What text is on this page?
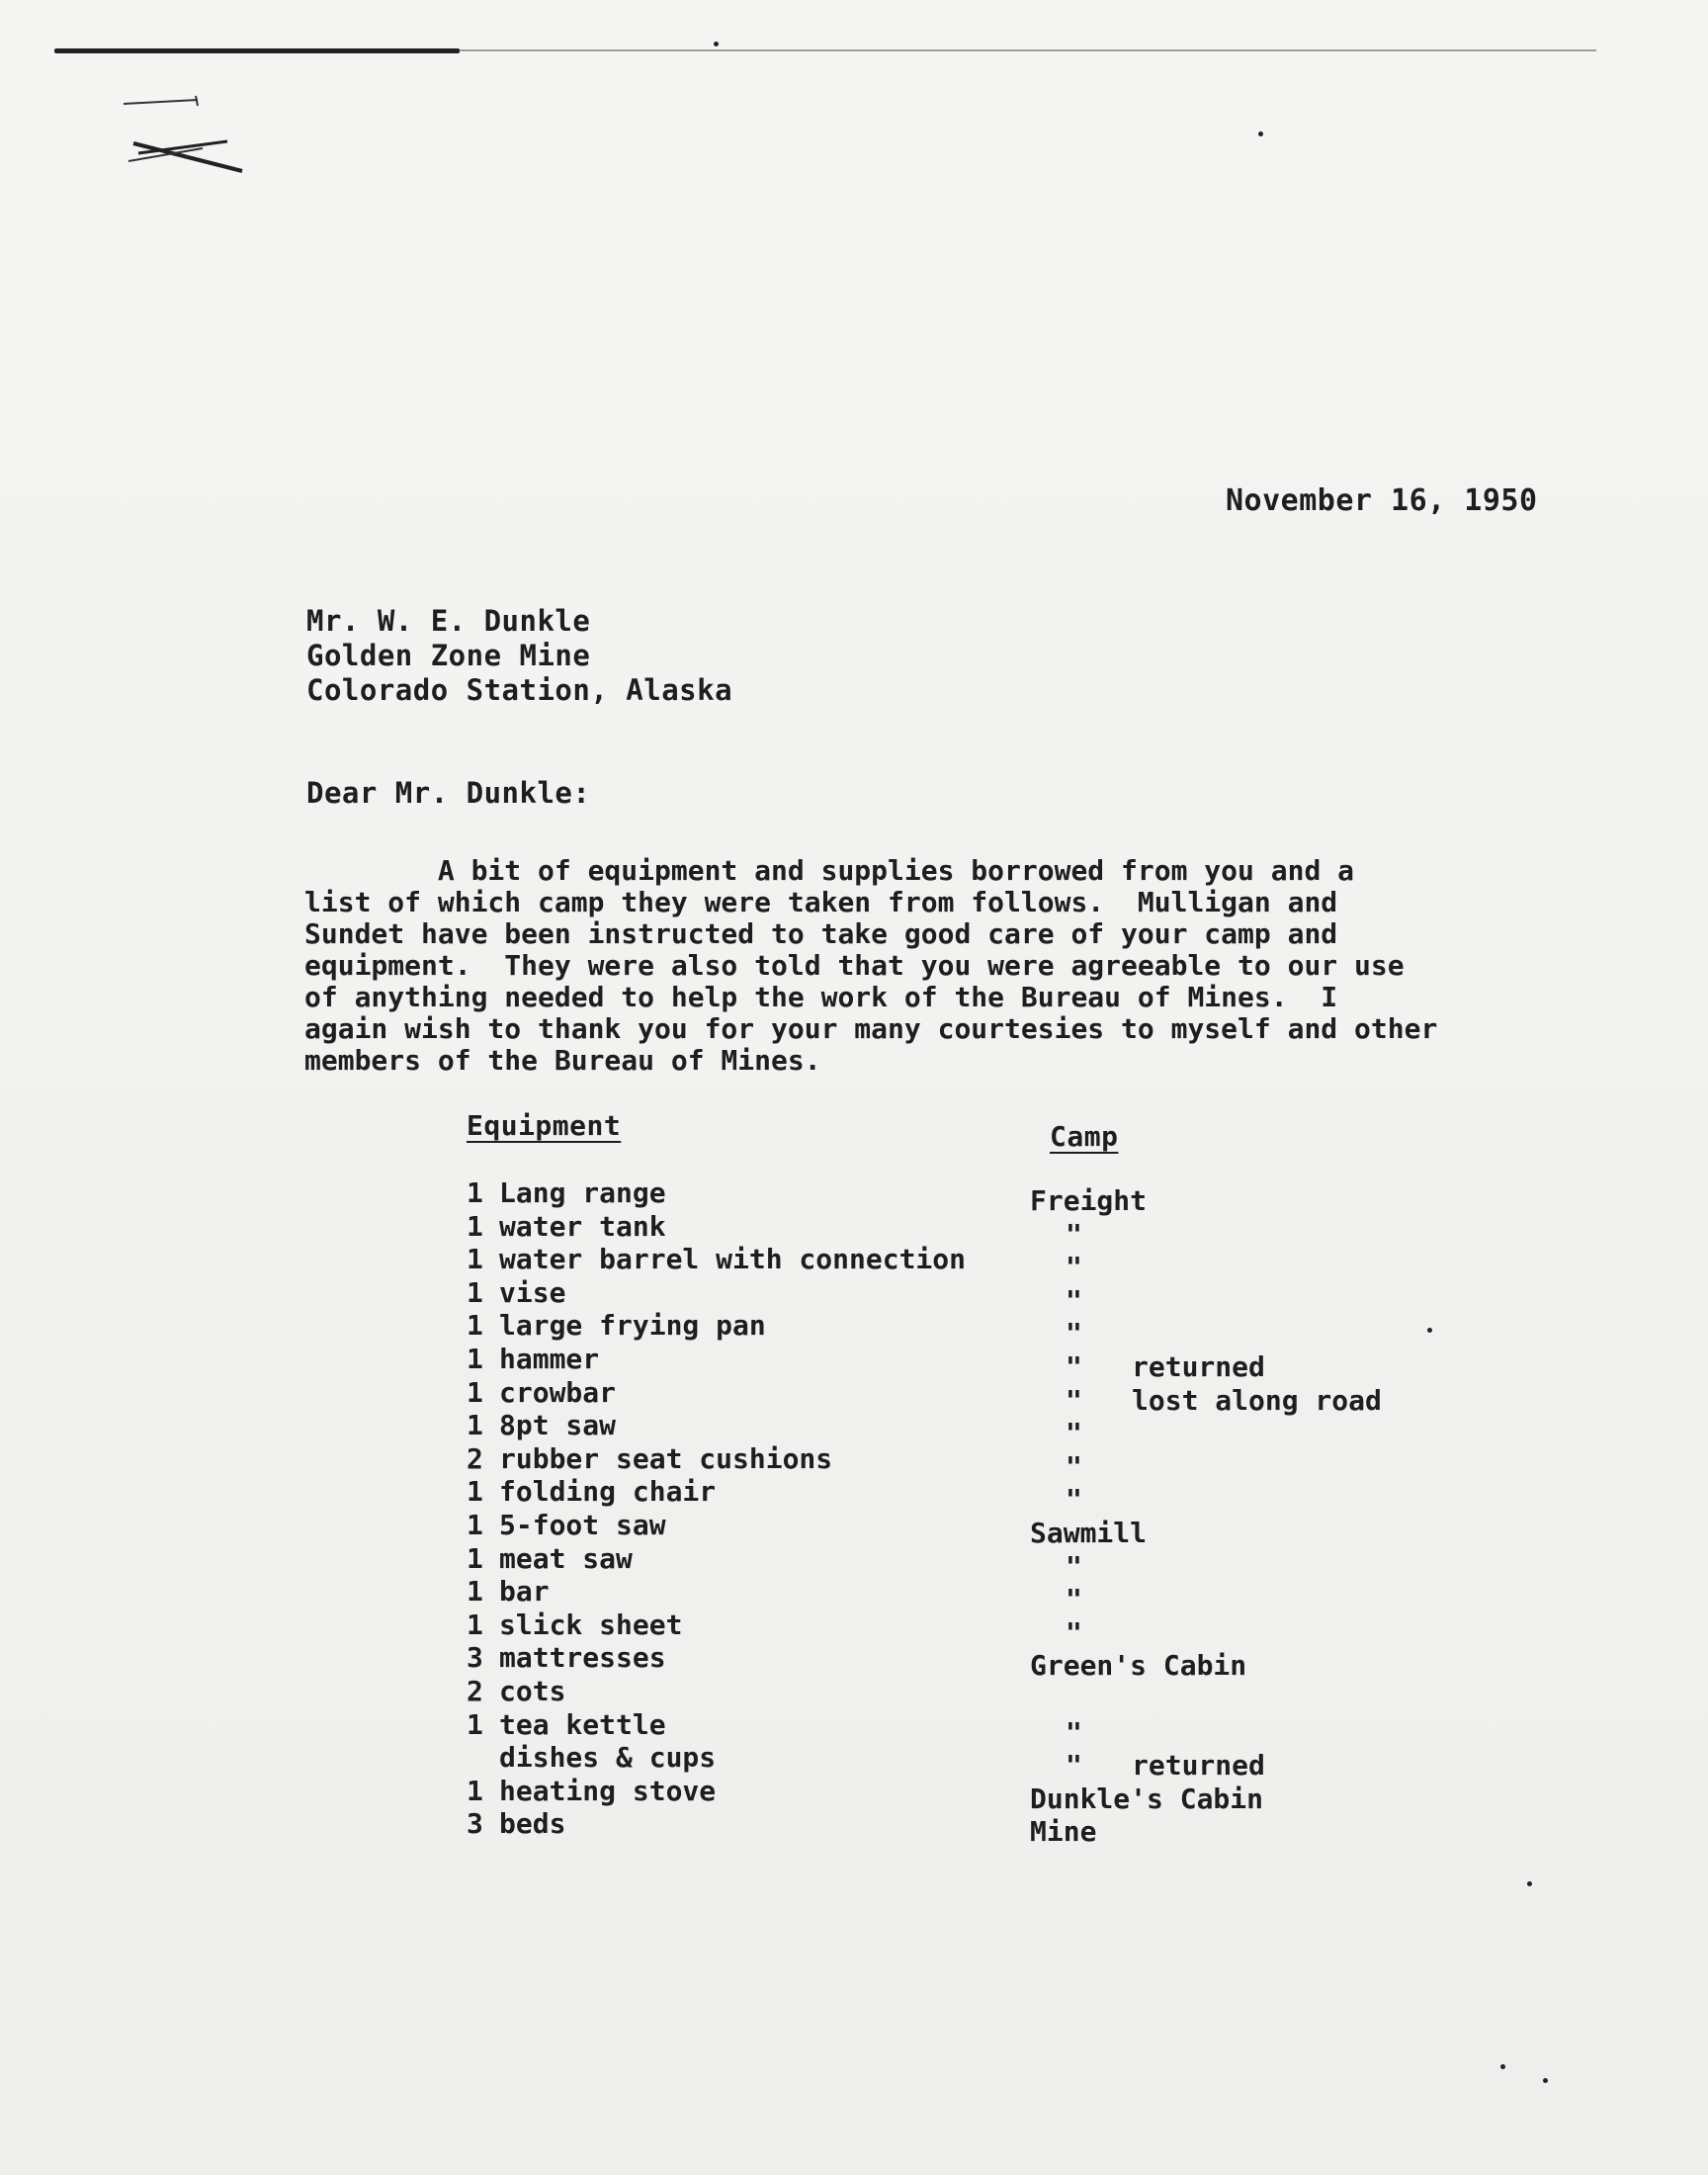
November 16, 1950
Mr. W. E. Dunkle
Golden Zone Mine
Colorado Station, Alaska
Dear Mr. Dunkle:
A bit of equipment and supplies borrowed from you and a
list of which camp they were taken from follows.  Mulligan and
Sundet have been instructed to take good care of your camp and
equipment.  They were also told that you were agreeable to our use
of anything needed to help the work of the Bureau of Mines.  I
again wish to thank you for your many courtesies to myself and other
members of the Bureau of Mines.
Equipment	Camp
1 Lang range	Freight
1 water tank	"
1 water barrel with connection	"
1 vise	"
1 large frying pan	"
1 hammer	" returned
1 crowbar	" lost along road
1 8pt saw	"
2 rubber seat cushions	"
1 folding chair	"
1 5-foot saw	Sawmill
1 meat saw	"
1 bar	"
1 slick sheet	"
3 mattresses	Green's Cabin
2 cots
1 tea kettle	"
dishes & cups	" returned
1 heating stove	Dunkle's Cabin
3 beds	Mine
